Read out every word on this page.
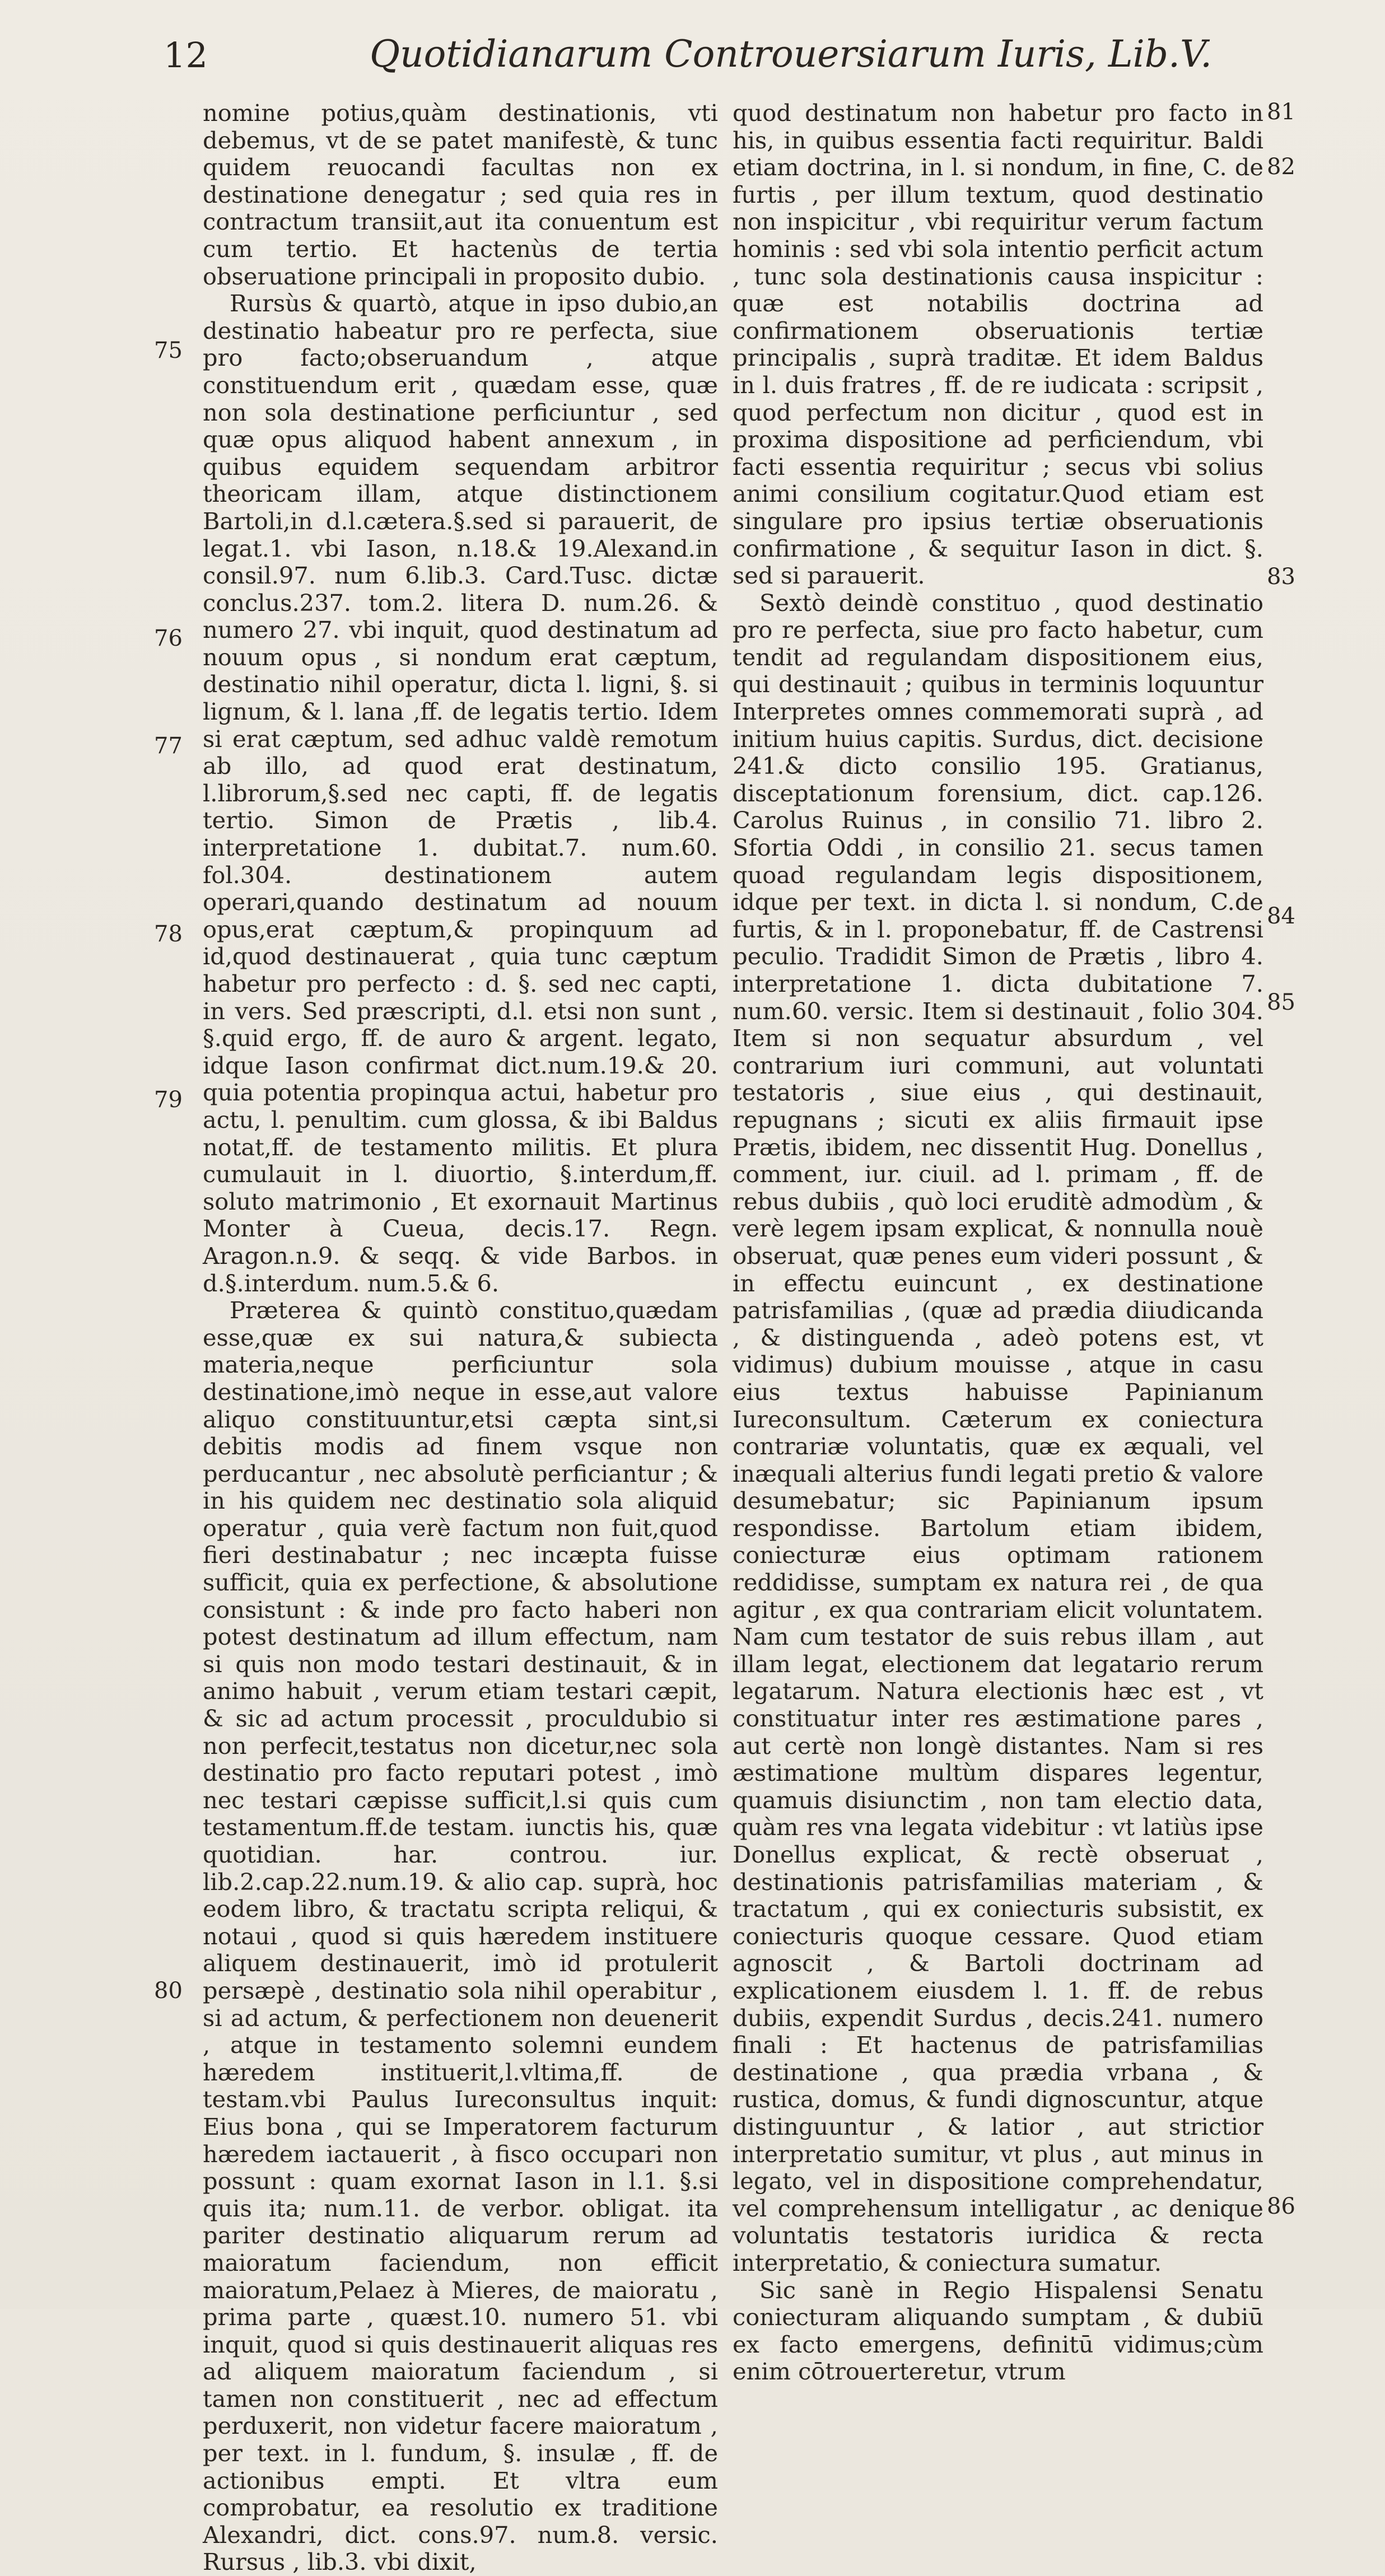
12	Quotidianarum Controuersiarum Iuris, Lib.V.

nomine potius,quàm destinationis, vti debemus, vt de se patet manifestè, & tunc quidem reuocandi facultas non ex destinatione denegatur ; sed quia res in contractum transiit,aut ita conuentum est cum tertio. Et hactenùs de tertia obseruatione principali in proposito dubio.

Rursùs & quartò, atque in ipso dubio,an destinatio habeatur pro re perfecta, siue pro facto;obseruandum , atque constituendum erit , quædam esse, quæ non sola destinatione perficiuntur , sed quæ opus aliquod habent annexum , in quibus equidem sequendam arbitror theoricam illam, atque distinctionem Bartoli,in d.l.cætera.§.sed si parauerit, de legat.1. vbi Iason, n.18.& 19.Alexand.in consil.97. num 6.lib.3. Card.Tusc. dictæ conclus.237. tom.2. litera D. num.26. & numero 27. vbi inquit, quod destinatum ad nouum opus , si nondum erat cæptum, destinatio nihil operatur, dicta l. ligni, §. si lignum, & l. lana ,ff. de legatis tertio. Idem si erat cæptum, sed adhuc valdè remotum ab illo, ad quod erat destinatum, l.librorum,§.sed nec capti, ff. de legatis tertio. Simon de Prætis , lib.4. interpretatione 1. dubitat.7. num.60. fol.304. destinationem autem operari,quando destinatum ad nouum opus,erat cæptum,& propinquum ad id,quod destinauerat , quia tunc cæptum habetur pro perfecto : d. §. sed nec capti, in vers. Sed præscripti, d.l. etsi non sunt , §.quid ergo, ff. de auro & argent. legato, idque Iason confirmat dict.num.19.& 20. quia potentia propinqua actui, habetur pro actu, l. penultim. cum glossa, & ibi Baldus notat,ff. de testamento militis. Et plura cumulauit in l. diuortio, §.interdum,ff. soluto matrimonio , Et exornauit Martinus Monter à Cueua, decis.17. Regn. Aragon.n.9. & seqq. & vide Barbos. in d.§.interdum. num.5.& 6.

Præterea & quintò constituo,quædam esse,quæ ex sui natura,& subiecta materia,neque perficiuntur sola destinatione,imò neque in esse,aut valore aliquo constituuntur,etsi cæpta sint,si debitis modis ad finem vsque non perducantur , nec absolutè perficiantur ; & in his quidem nec destinatio sola aliquid operatur , quia verè factum non fuit,quod fieri destinabatur ; nec incæpta fuisse sufficit, quia ex perfectione, & absolutione consistunt : & inde pro facto haberi non potest destinatum ad illum effectum, nam si quis non modo testari destinauit, & in animo habuit , verum etiam testari cæpit, & sic ad actum processit , proculdubio si non perfecit,testatus non dicetur,nec sola destinatio pro facto reputari potest , imò nec testari cæpisse sufficit,l.si quis cum testamentum.ff.de testam. iunctis his, quæ quotidian. har. controu. iur. lib.2.cap.22.num.19. & alio cap. suprà, hoc eodem libro, & tractatu scripta reliqui, & notaui , quod si quis hæredem instituere aliquem destinauerit, imò id protulerit persæpè , destinatio sola nihil operabitur , si ad actum, & perfectionem non deuenerit , atque in testamento solemni eundem hæredem instituerit,l.vltima,ff. de testam.vbi Paulus Iureconsultus inquit: Eius bona , qui se Imperatorem facturum hæredem iactauerit , à fisco occupari non possunt : quam exornat Iason in l.1. §.si quis ita; num.11. de verbor. obligat. ita pariter destinatio aliquarum rerum ad maioratum faciendum, non efficit maioratum,Pelaez à Mieres, de maioratu , prima parte , quæst.10. numero 51. vbi inquit, quod si quis destinauerit aliquas res ad aliquem maioratum faciendum , si tamen non constituerit , nec ad effectum perduxerit, non videtur facere maioratum , per text. in l. fundum, §. insulæ , ff. de actionibus empti. Et vltra eum comprobatur, ea resolutio ex traditione Alexandri, dict. cons.97. num.8. versic. Rursus , lib.3. vbi dixit,

quod destinatum non habetur pro facto in his, in quibus essentia facti requiritur. Baldi etiam doctrina, in l. si nondum, in fine, C. de furtis , per illum textum, quod destinatio non inspicitur , vbi requiritur verum factum hominis : sed vbi sola intentio perficit actum , tunc sola destinationis causa inspicitur : quæ est notabilis doctrina ad confirmationem obseruationis tertiæ principalis , suprà traditæ. Et idem Baldus in l. duis fratres , ff. de re iudicata : scripsit , quod perfectum non dicitur , quod est in proxima dispositione ad perficiendum, vbi facti essentia requiritur ; secus vbi solius animi consilium cogitatur.Quod etiam est singulare pro ipsius tertiæ obseruationis confirmatione , & sequitur Iason in dict. §. sed si parauerit.

Sextò deindè constituo , quod destinatio pro re perfecta, siue pro facto habetur, cum tendit ad regulandam dispositionem eius, qui destinauit ; quibus in terminis loquuntur Interpretes omnes commemorati suprà , ad initium huius capitis. Surdus, dict. decisione 241.& dicto consilio 195. Gratianus, disceptationum forensium, dict. cap.126. Carolus Ruinus , in consilio 71. libro 2. Sfortia Oddi , in consilio 21. secus tamen quoad regulandam legis dispositionem, idque per text. in dicta l. si nondum, C.de furtis, & in l. proponebatur, ff. de Castrensi peculio. Tradidit Simon de Prætis , libro 4. interpretatione 1. dicta dubitatione 7. num.60. versic. Item si destinauit , folio 304. Item si non sequatur absurdum , vel contrarium iuri communi, aut voluntati testatoris , siue eius , qui destinauit, repugnans ; sicuti ex aliis firmauit ipse Prætis, ibidem, nec dissentit Hug. Donellus , comment, iur. ciuil. ad l. primam , ff. de rebus dubiis , quò loci eruditè admodùm , & verè legem ipsam explicat, & nonnulla nouè obseruat, quæ penes eum videri possunt , & in effectu euincunt , ex destinatione patrisfamilias , (quæ ad prædia diiudicanda , & distinguenda , adeò potens est, vt vidimus) dubium mouisse , atque in casu eius textus habuisse Papinianum Iureconsultum. Cæterum ex coniectura contrariæ voluntatis, quæ ex æquali, vel inæquali alterius fundi legati pretio & valore desumebatur; sic Papinianum ipsum respondisse. Bartolum etiam ibidem, coniecturæ eius optimam rationem reddidisse, sumptam ex natura rei , de qua agitur , ex qua contrariam elicit voluntatem. Nam cum testator de suis rebus illam , aut illam legat, electionem dat legatario rerum legatarum. Natura electionis hæc est , vt constituatur inter res æstimatione pares , aut certè non longè distantes. Nam si res æstimatione multùm dispares legentur, quamuis disiunctim , non tam electio data, quàm res vna legata videbitur : vt latiùs ipse Donellus explicat, & rectè obseruat , destinationis patrisfamilias materiam , & tractatum , qui ex coniecturis subsistit, ex coniecturis quoque cessare. Quod etiam agnoscit , & Bartoli doctrinam ad explicationem eiusdem l. 1. ff. de rebus dubiis, expendit Surdus , decis.241. numero finali : Et hactenus de patrisfamilias destinatione , qua prædia vrbana , & rustica, domus, & fundi dignoscuntur, atque distinguuntur , & latior , aut strictior interpretatio sumitur, vt plus , aut minus in legato, vel in dispositione comprehendatur, vel comprehensum intelligatur , ac denique voluntatis testatoris iuridica & recta interpretatio, & coniectura sumatur.

Sic sanè in Regio Hispalensi Senatu coniecturam aliquando sumptam , & dubiū ex facto emergens, definitū vidimus;cùm enim cōtrouerteretur, vtrum

75
76
77
78
79
80
81
82
83
84
85
86
